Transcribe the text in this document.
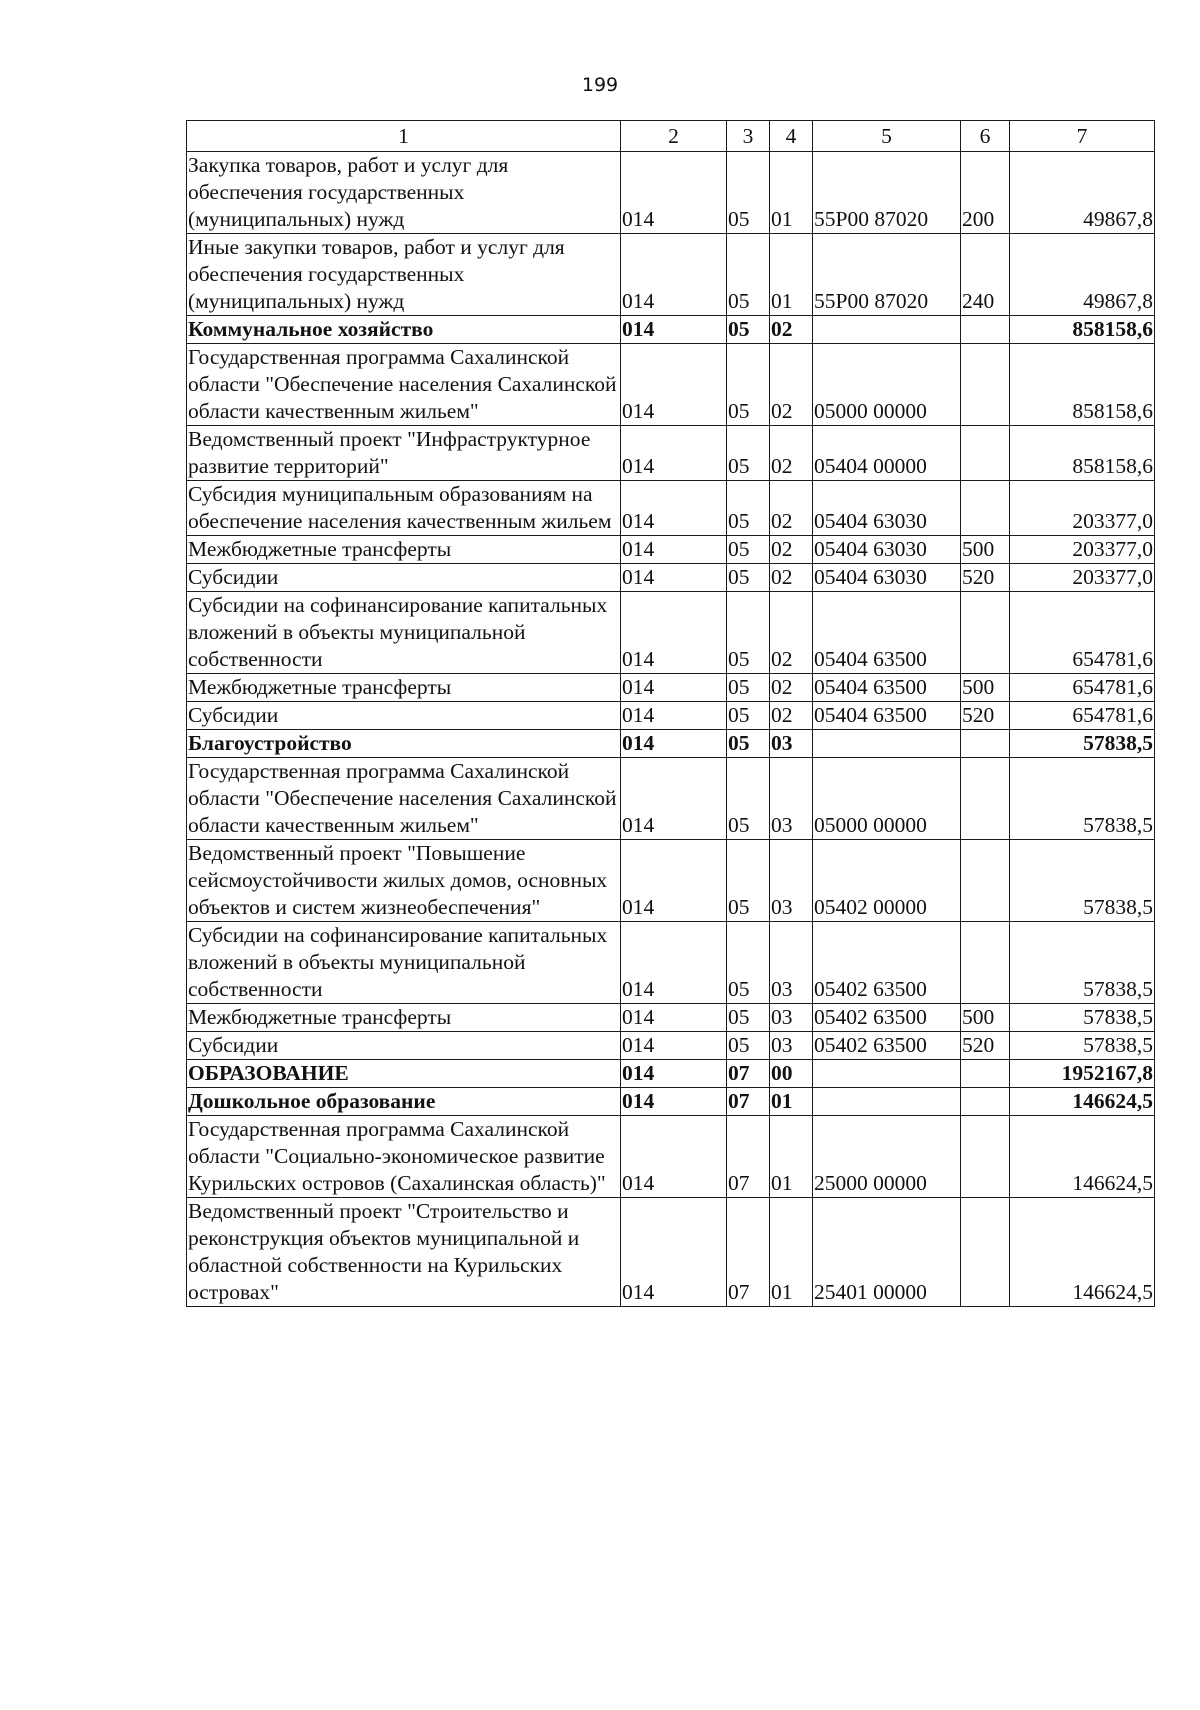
199
1	2	3	4	5	6	7
Закупка товаров, работ и услуг для обеспечения государственных (муниципальных) нужд	014	05	01	55Р00 87020	200	49867,8
Иные закупки товаров, работ и услуг для обеспечения государственных (муниципальных) нужд	014	05	01	55Р00 87020	240	49867,8
Коммунальное хозяйство	014	05	02			858158,6
Государственная программа Сахалинской области "Обеспечение населения Сахалинской области качественным жильем"	014	05	02	05000 00000		858158,6
Ведомственный проект "Инфраструктурное развитие территорий"	014	05	02	05404 00000		858158,6
Субсидия муниципальным образованиям на обеспечение населения качественным жильем	014	05	02	05404 63030		203377,0
Межбюджетные трансферты	014	05	02	05404 63030	500	203377,0
Субсидии	014	05	02	05404 63030	520	203377,0
Субсидии на софинансирование капитальных вложений в объекты муниципальной собственности	014	05	02	05404 63500		654781,6
Межбюджетные трансферты	014	05	02	05404 63500	500	654781,6
Субсидии	014	05	02	05404 63500	520	654781,6
Благоустройство	014	05	03			57838,5
Государственная программа Сахалинской области "Обеспечение населения Сахалинской области качественным жильем"	014	05	03	05000 00000		57838,5
Ведомственный проект "Повышение сейсмоустойчивости жилых домов, основных объектов и систем жизнеобеспечения"	014	05	03	05402 00000		57838,5
Субсидии на софинансирование капитальных вложений в объекты муниципальной собственности	014	05	03	05402 63500		57838,5
Межбюджетные трансферты	014	05	03	05402 63500	500	57838,5
Субсидии	014	05	03	05402 63500	520	57838,5
ОБРАЗОВАНИЕ	014	07	00			1952167,8
Дошкольное образование	014	07	01			146624,5
Государственная программа Сахалинской области "Социально-экономическое развитие Курильских островов (Сахалинская область)"	014	07	01	25000 00000		146624,5
Ведомственный проект "Строительство и реконструкция объектов муниципальной и областной собственности на Курильских островах"	014	07	01	25401 00000		146624,5
